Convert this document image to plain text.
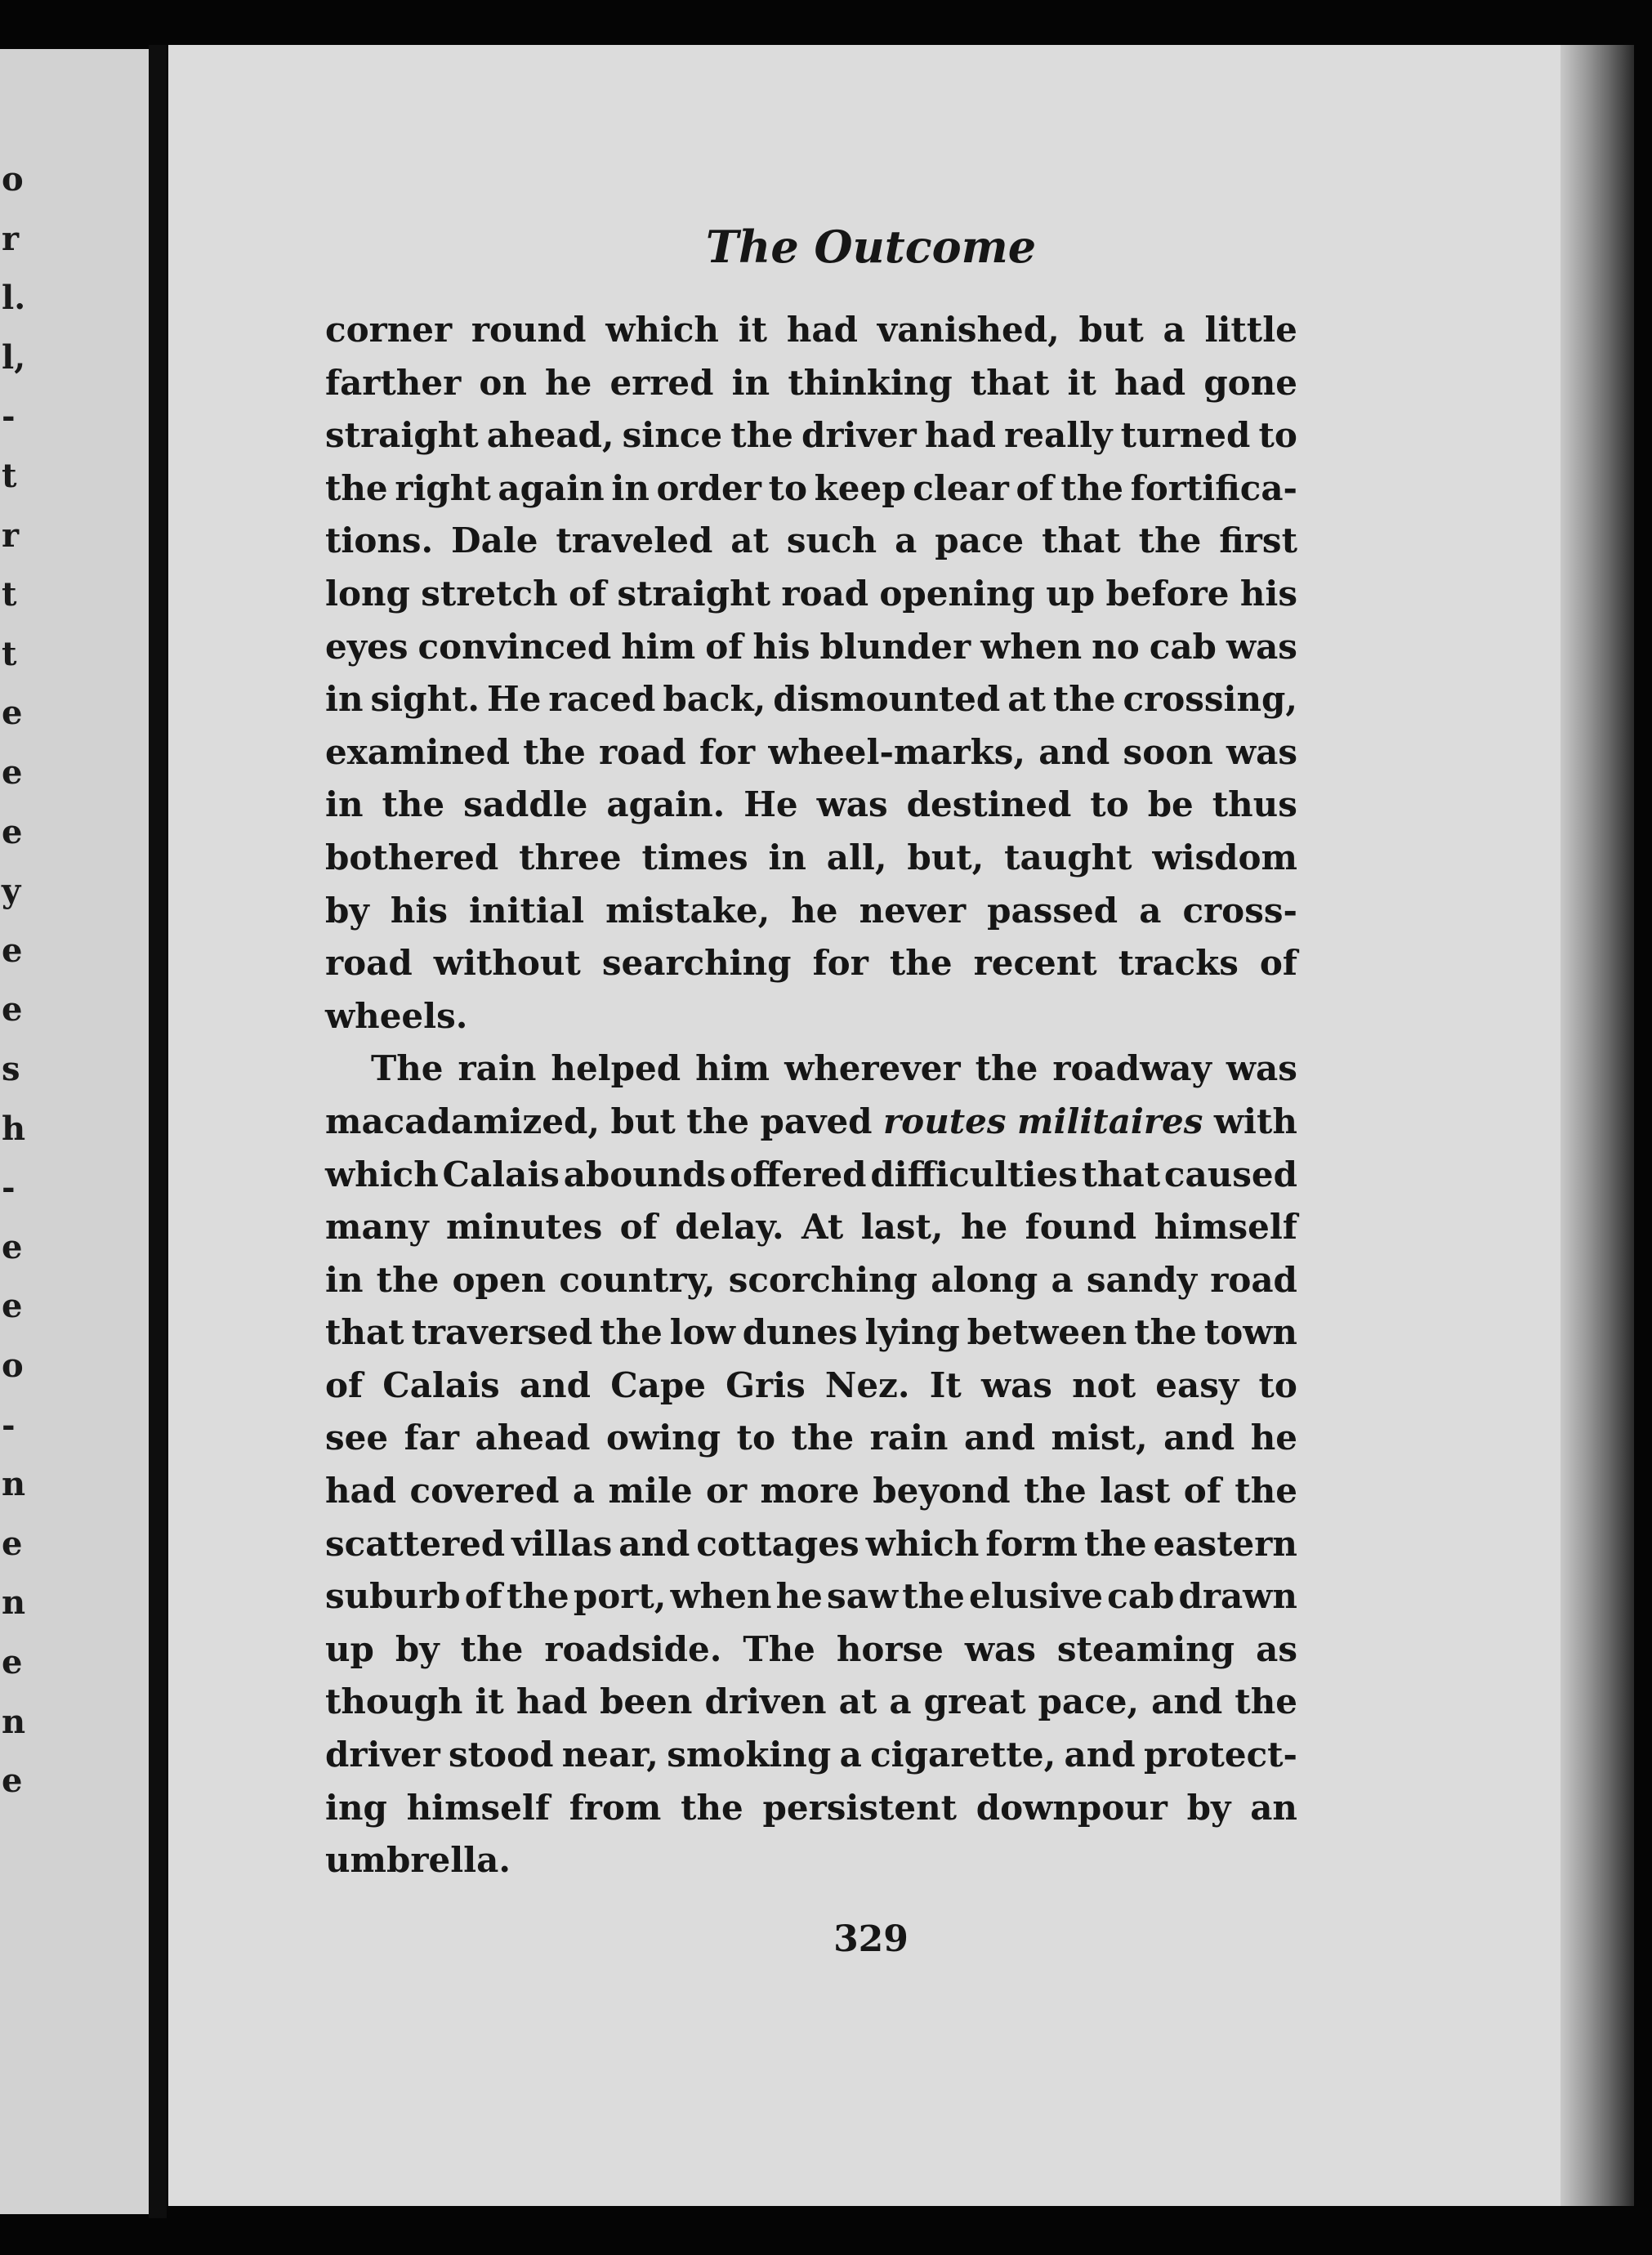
o
r
l.
l,
-
t
r
t
t
e
e
e
y
e
e
s
h
-
e
e
o
-
n
e
n
e
n
e
The Outcome
corner round which it had vanished, but a little
farther on he erred in thinking that it had gone
straight ahead, since the driver had really turned to
the right again in order to keep clear of the fortifica-
tions. Dale traveled at such a pace that the first
long stretch of straight road opening up before his
eyes convinced him of his blunder when no cab was
in sight. He raced back, dismounted at the crossing,
examined the road for wheel-marks, and soon was
in the saddle again. He was destined to be thus
bothered three times in all, but, taught wisdom
by his initial mistake, he never passed a cross-
road without searching for the recent tracks of
wheels.
The rain helped him wherever the roadway was
macadamized, but the paved routes militaires with
which Calais abounds offered difficulties that caused
many minutes of delay. At last, he found himself
in the open country, scorching along a sandy road
that traversed the low dunes lying between the town
of Calais and Cape Gris Nez. It was not easy to
see far ahead owing to the rain and mist, and he
had covered a mile or more beyond the last of the
scattered villas and cottages which form the eastern
suburb of the port, when he saw the elusive cab drawn
up by the roadside. The horse was steaming as
though it had been driven at a great pace, and the
driver stood near, smoking a cigarette, and protect-
ing himself from the persistent downpour by an
umbrella.
329
